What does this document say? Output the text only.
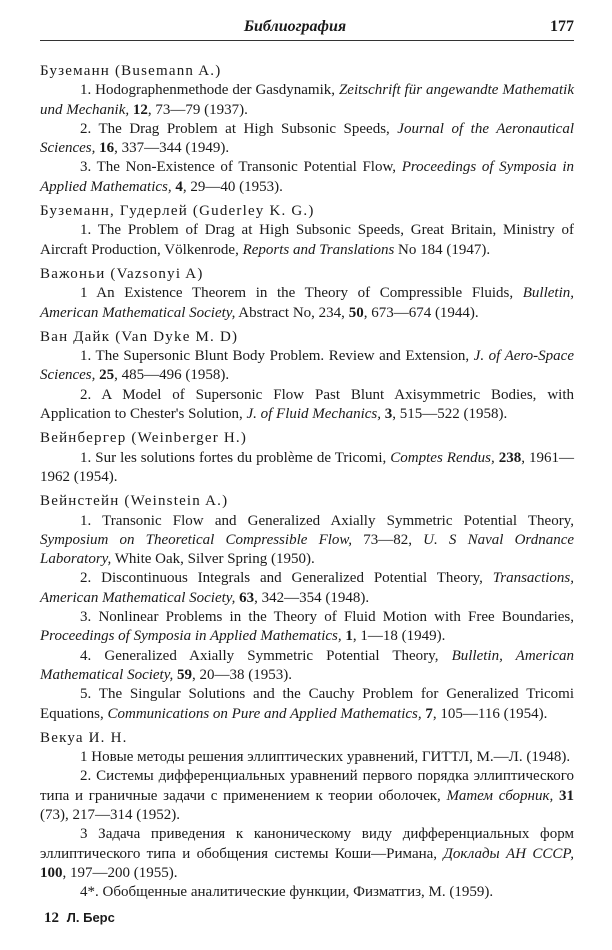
Библиография	177
Буземанн (Busemann A.)
1. Hodographenmethode der Gasdynamik, Zeitschrift für angewandte Mathematik und Mechanik, 12, 73—79 (1937).
2. The Drag Problem at High Subsonic Speeds, Journal of the Aeronautical Sciences, 16, 337—344 (1949).
3. The Non-Existence of Transonic Potential Flow, Proceedings of Symposia in Applied Mathematics, 4, 29—40 (1953).
Буземанн, Гудерлей (Guderley K. G.)
1. The Problem of Drag at High Subsonic Speeds, Great Britain, Ministry of Aircraft Production, Völkenrode, Reports and Translations No 184 (1947).
Важоньи (Vazsonyi A)
1 An Existence Theorem in the Theory of Compressible Fluids, Bulletin, American Mathematical Society, Abstract No, 234, 50, 673—674 (1944).
Ван Дайк (Van Dyke M. D)
1. The Supersonic Blunt Body Problem. Review and Extension, J. of Aero-Space Sciences, 25, 485—496 (1958).
2. A Model of Supersonic Flow Past Blunt Axisymmetric Bodies, with Application to Chester's Solution, J. of Fluid Mechanics, 3, 515—522 (1958).
Вейнбергер (Weinberger H.)
1. Sur les solutions fortes du problème de Tricomi, Comptes Rendus, 238, 1961—1962 (1954).
Вейнстейн (Weinstein A.)
1. Transonic Flow and Generalized Axially Symmetric Potential Theory, Symposium on Theoretical Compressible Flow, 73—82, U. S Naval Ordnance Laboratory, White Oak, Silver Spring (1950).
2. Discontinuous Integrals and Generalized Potential Theory, Transactions, American Mathematical Society, 63, 342—354 (1948).
3. Nonlinear Problems in the Theory of Fluid Motion with Free Boundaries, Proceedings of Symposia in Applied Mathematics, 1, 1—18 (1949).
4. Generalized Axially Symmetric Potential Theory, Bulletin, American Mathematical Society, 59, 20—38 (1953).
5. The Singular Solutions and the Cauchy Problem for Generalized Tricomi Equations, Communications on Pure and Applied Mathematics, 7, 105—116 (1954).
Векуа И. Н.
1 Новые методы решения эллиптических уравнений, ГИТТЛ, М.—Л. (1948).
2. Системы дифференциальных уравнений первого порядка эллиптического типа и граничные задачи с применением к теории оболочек, Матем сборник, 31 (73), 217—314 (1952).
3 Задача приведения к каноническому виду дифференциальных форм эллиптического типа и обобщения системы Коши—Римана, Доклады АН СССР, 100, 197—200 (1955).
4*. Обобщенные аналитические функции, Физматгиз, М. (1959).
12 Л. Берс
